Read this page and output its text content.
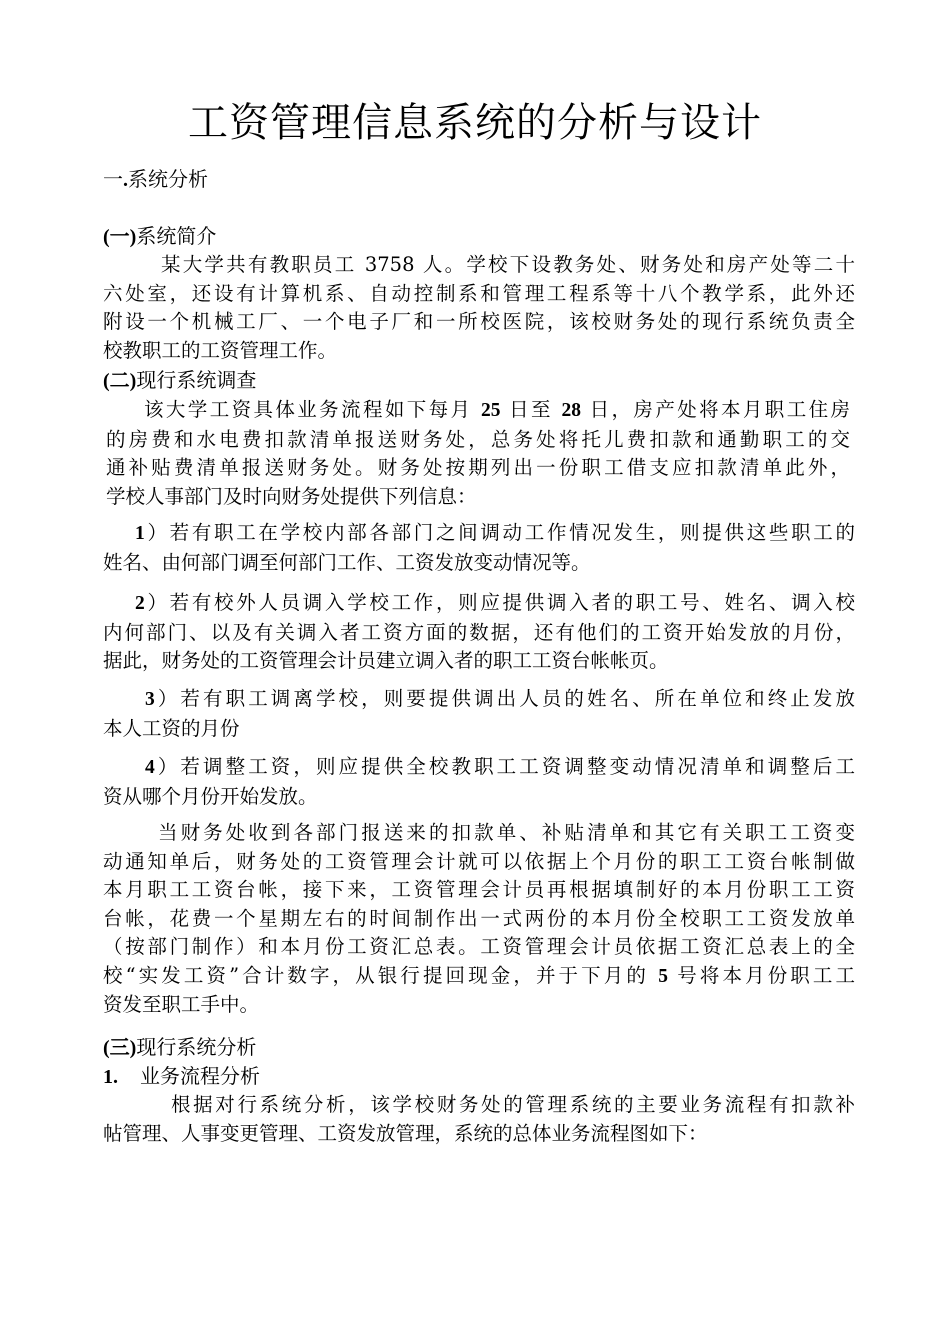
工资管理信息系统的分析与设计
一.系统分析
(一)系统简介
某大学共有教职员工 3758 人。学校下设教务处、财务处和房产处等二十
六处室，还设有计算机系、自动控制系和管理工程系等十八个教学系，此外还
附设一个机械工厂、一个电子厂和一所校医院，该校财务处的现行系统负责全
校教职工的工资管理工作。
(二)现行系统调查
该大学工资具体业务流程如下每月 25 日至 28 日，房产处将本月职工住房
的房费和水电费扣款清单报送财务处，总务处将托儿费扣款和通勤职工的交
通补贴费清单报送财务处。财务处按期列出一份职工借支应扣款清单此外，
学校人事部门及时向财务处提供下列信息：
1）若有职工在学校内部各部门之间调动工作情况发生，则提供这些职工的
姓名、由何部门调至何部门工作、工资发放变动情况等。
2）若有校外人员调入学校工作，则应提供调入者的职工号、姓名、调入校
内何部门、以及有关调入者工资方面的数据，还有他们的工资开始发放的月份，
据此，财务处的工资管理会计员建立调入者的职工工资台帐帐页。
3）若有职工调离学校，则要提供调出人员的姓名、所在单位和终止发放
本人工资的月份
4）若调整工资，则应提供全校教职工工资调整变动情况清单和调整后工
资从哪个月份开始发放。
当财务处收到各部门报送来的扣款单、补贴清单和其它有关职工工资变
动通知单后，财务处的工资管理会计就可以依据上个月份的职工工资台帐制做
本月职工工资台帐，接下来，工资管理会计员再根据填制好的本月份职工工资
台帐，花费一个星期左右的时间制作出一式两份的本月份全校职工工资发放单
（按部门制作）和本月份工资汇总表。工资管理会计员依据工资汇总表上的全
校“实发工资”合计数字，从银行提回现金，并于下月的 5 号将本月份职工工
资发至职工手中。
(三)现行系统分析
1. 业务流程分析
根据对行系统分析，该学校财务处的管理系统的主要业务流程有扣款补
帖管理、人事变更管理、工资发放管理，系统的总体业务流程图如下：
